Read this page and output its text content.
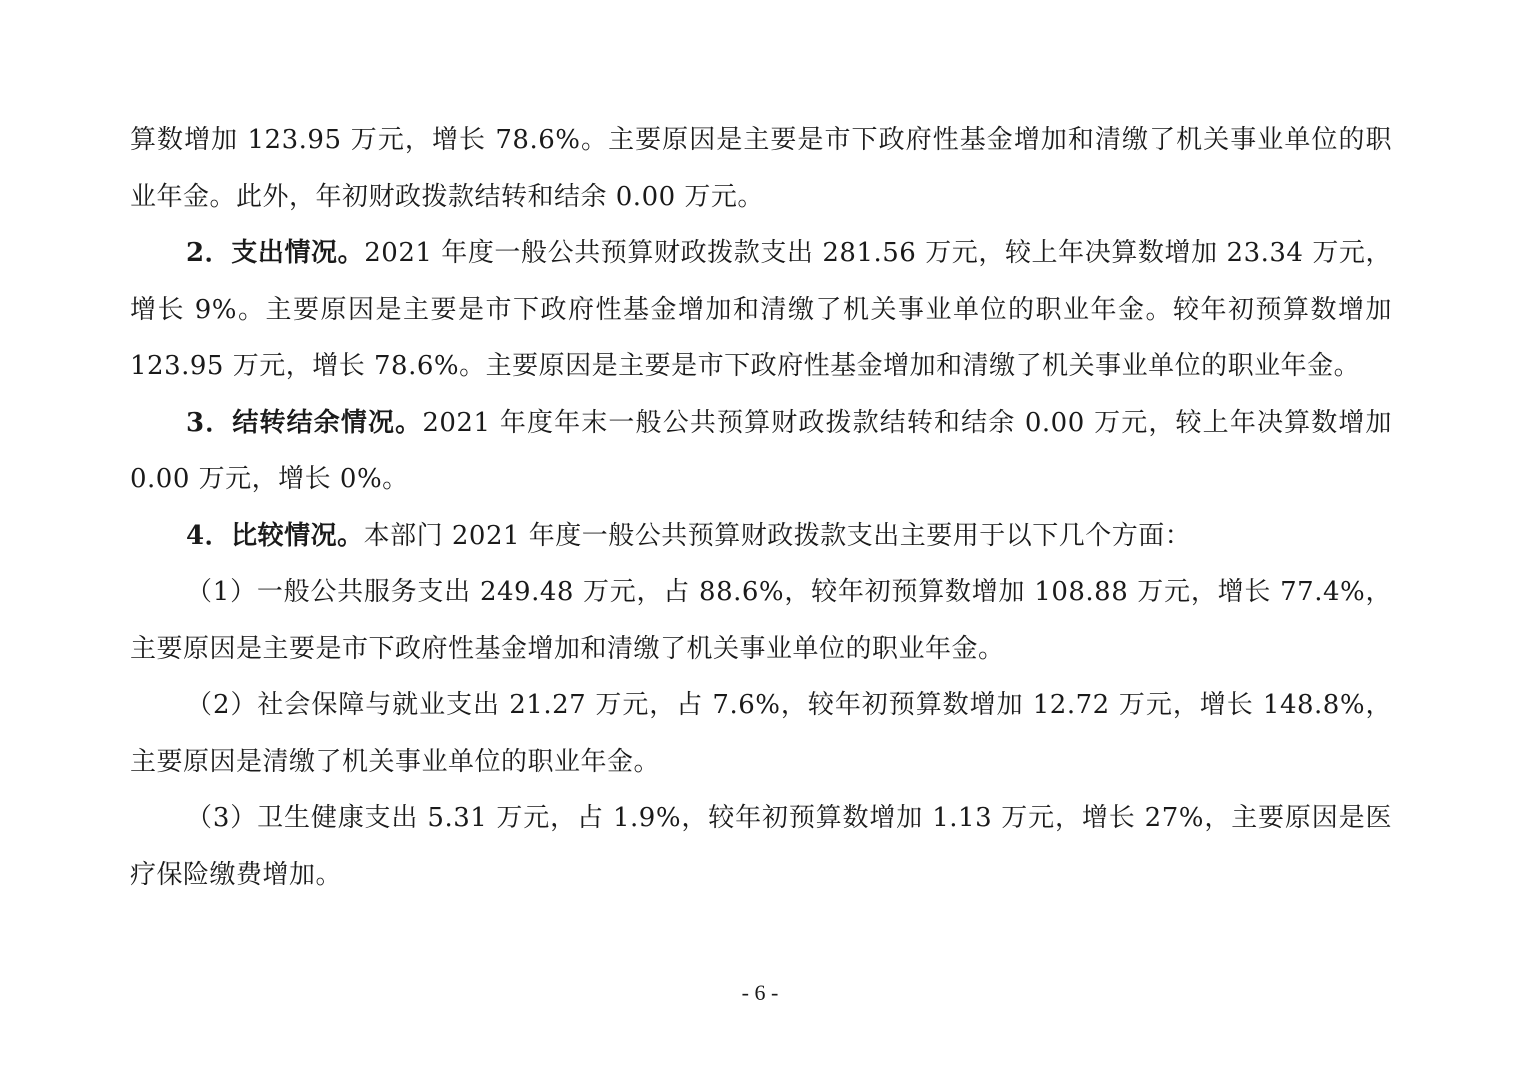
算数增加 123.95 万元，增长 78.6%。主要原因是主要是市下政府性基金增加和清缴了机关事业单位的职业年金。此外，年初财政拨款结转和结余 0.00 万元。

2．支出情况。2021 年度一般公共预算财政拨款支出 281.56 万元，较上年决算数增加 23.34 万元，增长 9%。主要原因是主要是市下政府性基金增加和清缴了机关事业单位的职业年金。较年初预算数增加 123.95 万元，增长 78.6%。主要原因是主要是市下政府性基金增加和清缴了机关事业单位的职业年金。

3．结转结余情况。2021 年度年末一般公共预算财政拨款结转和结余 0.00 万元，较上年决算数增加 0.00 万元，增长 0%。

4．比较情况。本部门 2021 年度一般公共预算财政拨款支出主要用于以下几个方面：

（1）一般公共服务支出 249.48 万元，占 88.6%，较年初预算数增加 108.88 万元，增长 77.4%，主要原因是主要是市下政府性基金增加和清缴了机关事业单位的职业年金。

（2）社会保障与就业支出 21.27 万元，占 7.6%，较年初预算数增加 12.72 万元，增长 148.8%，主要原因是清缴了机关事业单位的职业年金。

（3）卫生健康支出 5.31 万元，占 1.9%，较年初预算数增加 1.13 万元，增长 27%，主要原因是医疗保险缴费增加。

- 6 -
